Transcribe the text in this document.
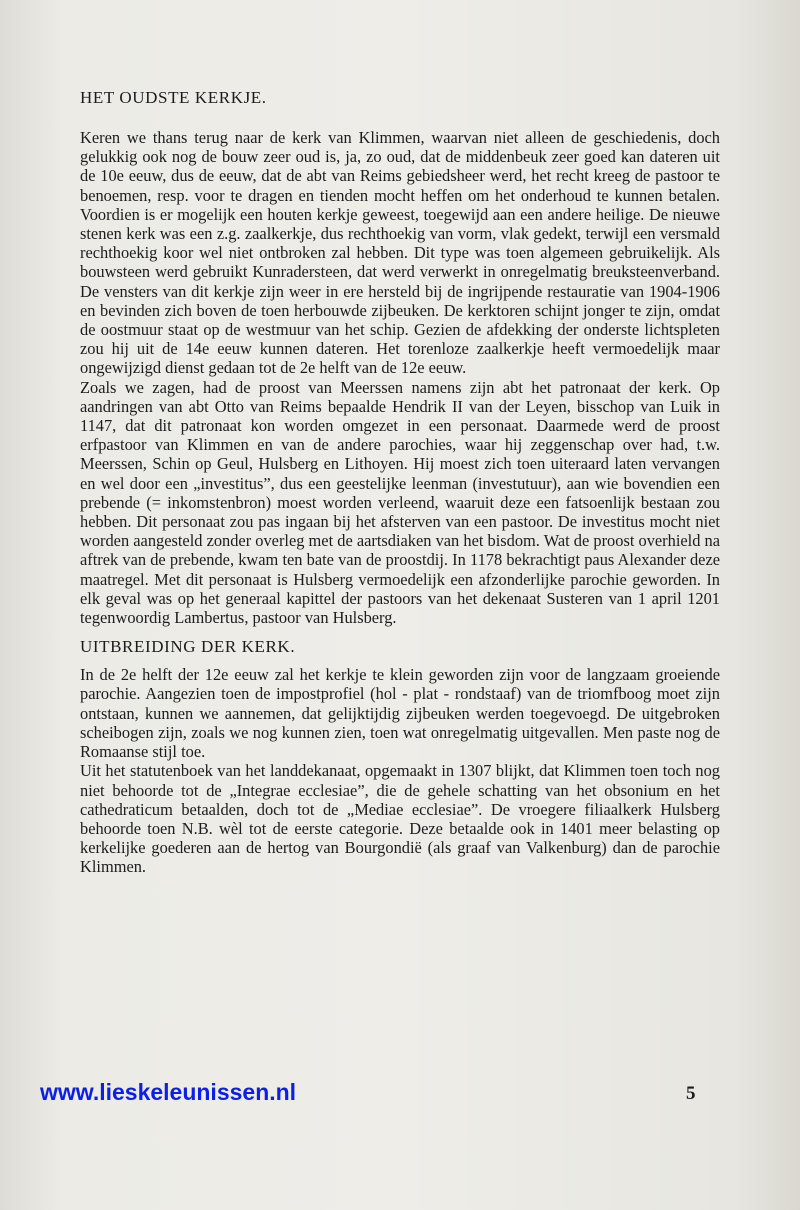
HET OUDSTE KERKJE.

Keren we thans terug naar de kerk van Klimmen, waarvan niet alleen de geschiedenis, doch gelukkig ook nog de bouw zeer oud is, ja, zo oud, dat de middenbeuk zeer goed kan dateren uit de 10e eeuw, dus de eeuw, dat de abt van Reims gebiedsheer werd, het recht kreeg de pastoor te benoemen, resp. voor te dragen en tienden mocht heffen om het onderhoud te kunnen betalen. Voordien is er mogelijk een houten kerkje geweest, toegewijd aan een andere heilige. De nieuwe stenen kerk was een z.g. zaalkerkje, dus rechthoekig van vorm, vlak gedekt, terwijl een versmald rechthoekig koor wel niet ontbroken zal hebben. Dit type was toen algemeen gebruikelijk. Als bouwsteen werd gebruikt Kunradersteen, dat werd verwerkt in onregelmatig breuksteenverband. De vensters van dit kerkje zijn weer in ere hersteld bij de ingrijpende restauratie van 1904-1906 en bevinden zich boven de toen herbouwde zijbeuken. De kerktoren schijnt jonger te zijn, omdat de oostmuur staat op de westmuur van het schip. Gezien de afdekking der onderste lichtspleten zou hij uit de 14e eeuw kunnen dateren. Het torenloze zaalkerkje heeft vermoedelijk maar ongewijzigd dienst gedaan tot de 2e helft van de 12e eeuw.

Zoals we zagen, had de proost van Meerssen namens zijn abt het patronaat der kerk. Op aandringen van abt Otto van Reims bepaalde Hendrik II van der Leyen, bisschop van Luik in 1147, dat dit patronaat kon worden omgezet in een personaat. Daarmede werd de proost erfpastoor van Klimmen en van de andere parochies, waar hij zeggenschap over had, t.w. Meerssen, Schin op Geul, Hulsberg en Lithoyen. Hij moest zich toen uiteraard laten vervangen en wel door een „investitus”, dus een geestelijke leenman (investutuur), aan wie bovendien een prebende (= inkomstenbron) moest worden verleend, waaruit deze een fatsoenlijk bestaan zou hebben. Dit personaat zou pas ingaan bij het afsterven van een pastoor. De investitus mocht niet worden aangesteld zonder overleg met de aartsdiaken van het bisdom. Wat de proost overhield na aftrek van de prebende, kwam ten bate van de proostdij. In 1178 bekrachtigt paus Alexander deze maatregel. Met dit personaat is Hulsberg vermoedelijk een afzonderlijke parochie geworden. In elk geval was op het generaal kapittel der pastoors van het dekenaat Susteren van 1 april 1201 tegenwoordig Lambertus, pastoor van Hulsberg.

UITBREIDING DER KERK.

In de 2e helft der 12e eeuw zal het kerkje te klein geworden zijn voor de langzaam groeiende parochie. Aangezien toen de impostprofiel (hol - plat - rondstaaf) van de triomfboog moet zijn ontstaan, kunnen we aannemen, dat gelijktijdig zijbeuken werden toegevoegd. De uitgebroken scheibogen zijn, zoals we nog kunnen zien, toen wat onregelmatig uitgevallen. Men paste nog de Romaanse stijl toe.

Uit het statutenboek van het landdekanaat, opgemaakt in 1307 blijkt, dat Klimmen toen toch nog niet behoorde tot de „Integrae ecclesiae”, die de gehele schatting van het obsonium en het cathedraticum betaalden, doch tot de „Mediae ecclesiae”. De vroegere filiaalkerk Hulsberg behoorde toen N.B. wèl tot de eerste categorie. Deze betaalde ook in 1401 meer belasting op kerkelijke goederen aan de hertog van Bourgondië (als graaf van Valkenburg) dan de parochie Klimmen.

www.lieskeleunissen.nl	5
